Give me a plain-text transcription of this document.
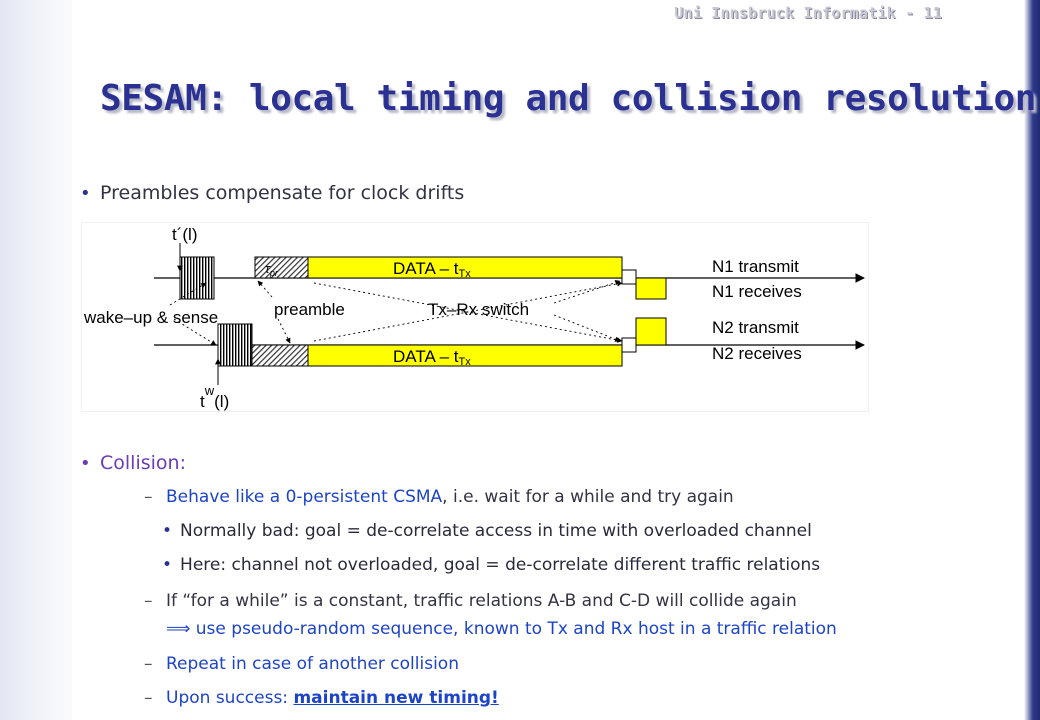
Uni Innsbruck Informatik - 11
SESAM: local timing and collision resolution
• Preambles compensate for clock drifts
t´(l)
$\tau_{pr}$	DATA – tTx
DATA – tTx
wake–up & sense	preamble	Tx–Rx switch
N1 transmit
N1 receives
N2 transmit
N2 receives
$t^w(l)$
• Collision:
– Behave like a 0-persistent CSMA, i.e. wait for a while and try again
• Normally bad: goal = de-correlate access in time with overloaded channel
• Here: channel not overloaded, goal = de-correlate different traffic relations
– If “for a while” is a constant, traffic relations A-B and C-D will collide again
⟹ use pseudo-random sequence, known to Tx and Rx host in a traffic relation
– Repeat in case of another collision
– Upon success: maintain new timing!
